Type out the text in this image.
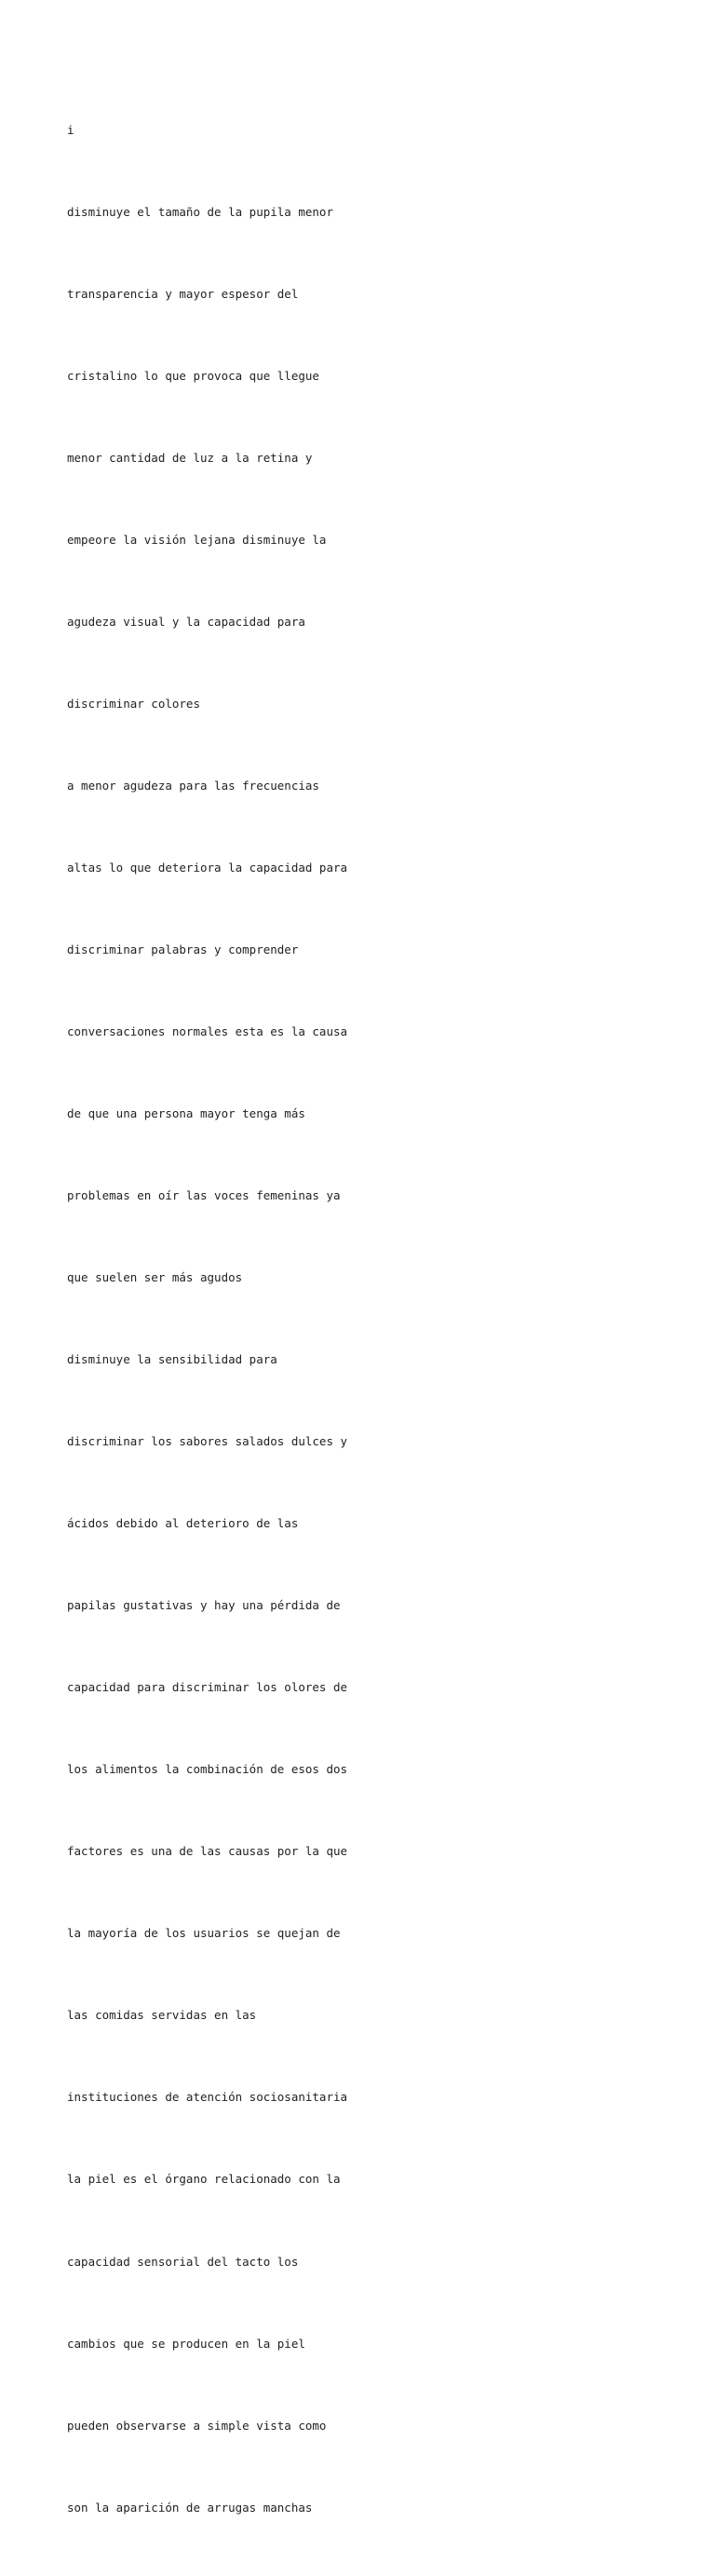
i

disminuye el tamaño de la pupila menor

transparencia y mayor espesor del

cristalino lo que provoca que llegue

menor cantidad de luz a la retina y

empeore la visión lejana disminuye la

agudeza visual y la capacidad para

discriminar colores

a menor agudeza para las frecuencias

altas lo que deteriora la capacidad para

discriminar palabras y comprender

conversaciones normales esta es la causa

de que una persona mayor tenga más

problemas en oír las voces femeninas ya

que suelen ser más agudos

disminuye la sensibilidad para

discriminar los sabores salados dulces y

ácidos debido al deterioro de las

papilas gustativas y hay una pérdida de

capacidad para discriminar los olores de

los alimentos la combinación de esos dos

factores es una de las causas por la que

la mayoría de los usuarios se quejan de

las comidas servidas en las

instituciones de atención sociosanitaria

la piel es el órgano relacionado con la

capacidad sensorial del tacto los

cambios que se producen en la piel

pueden observarse a simple vista como

son la aparición de arrugas manchas
